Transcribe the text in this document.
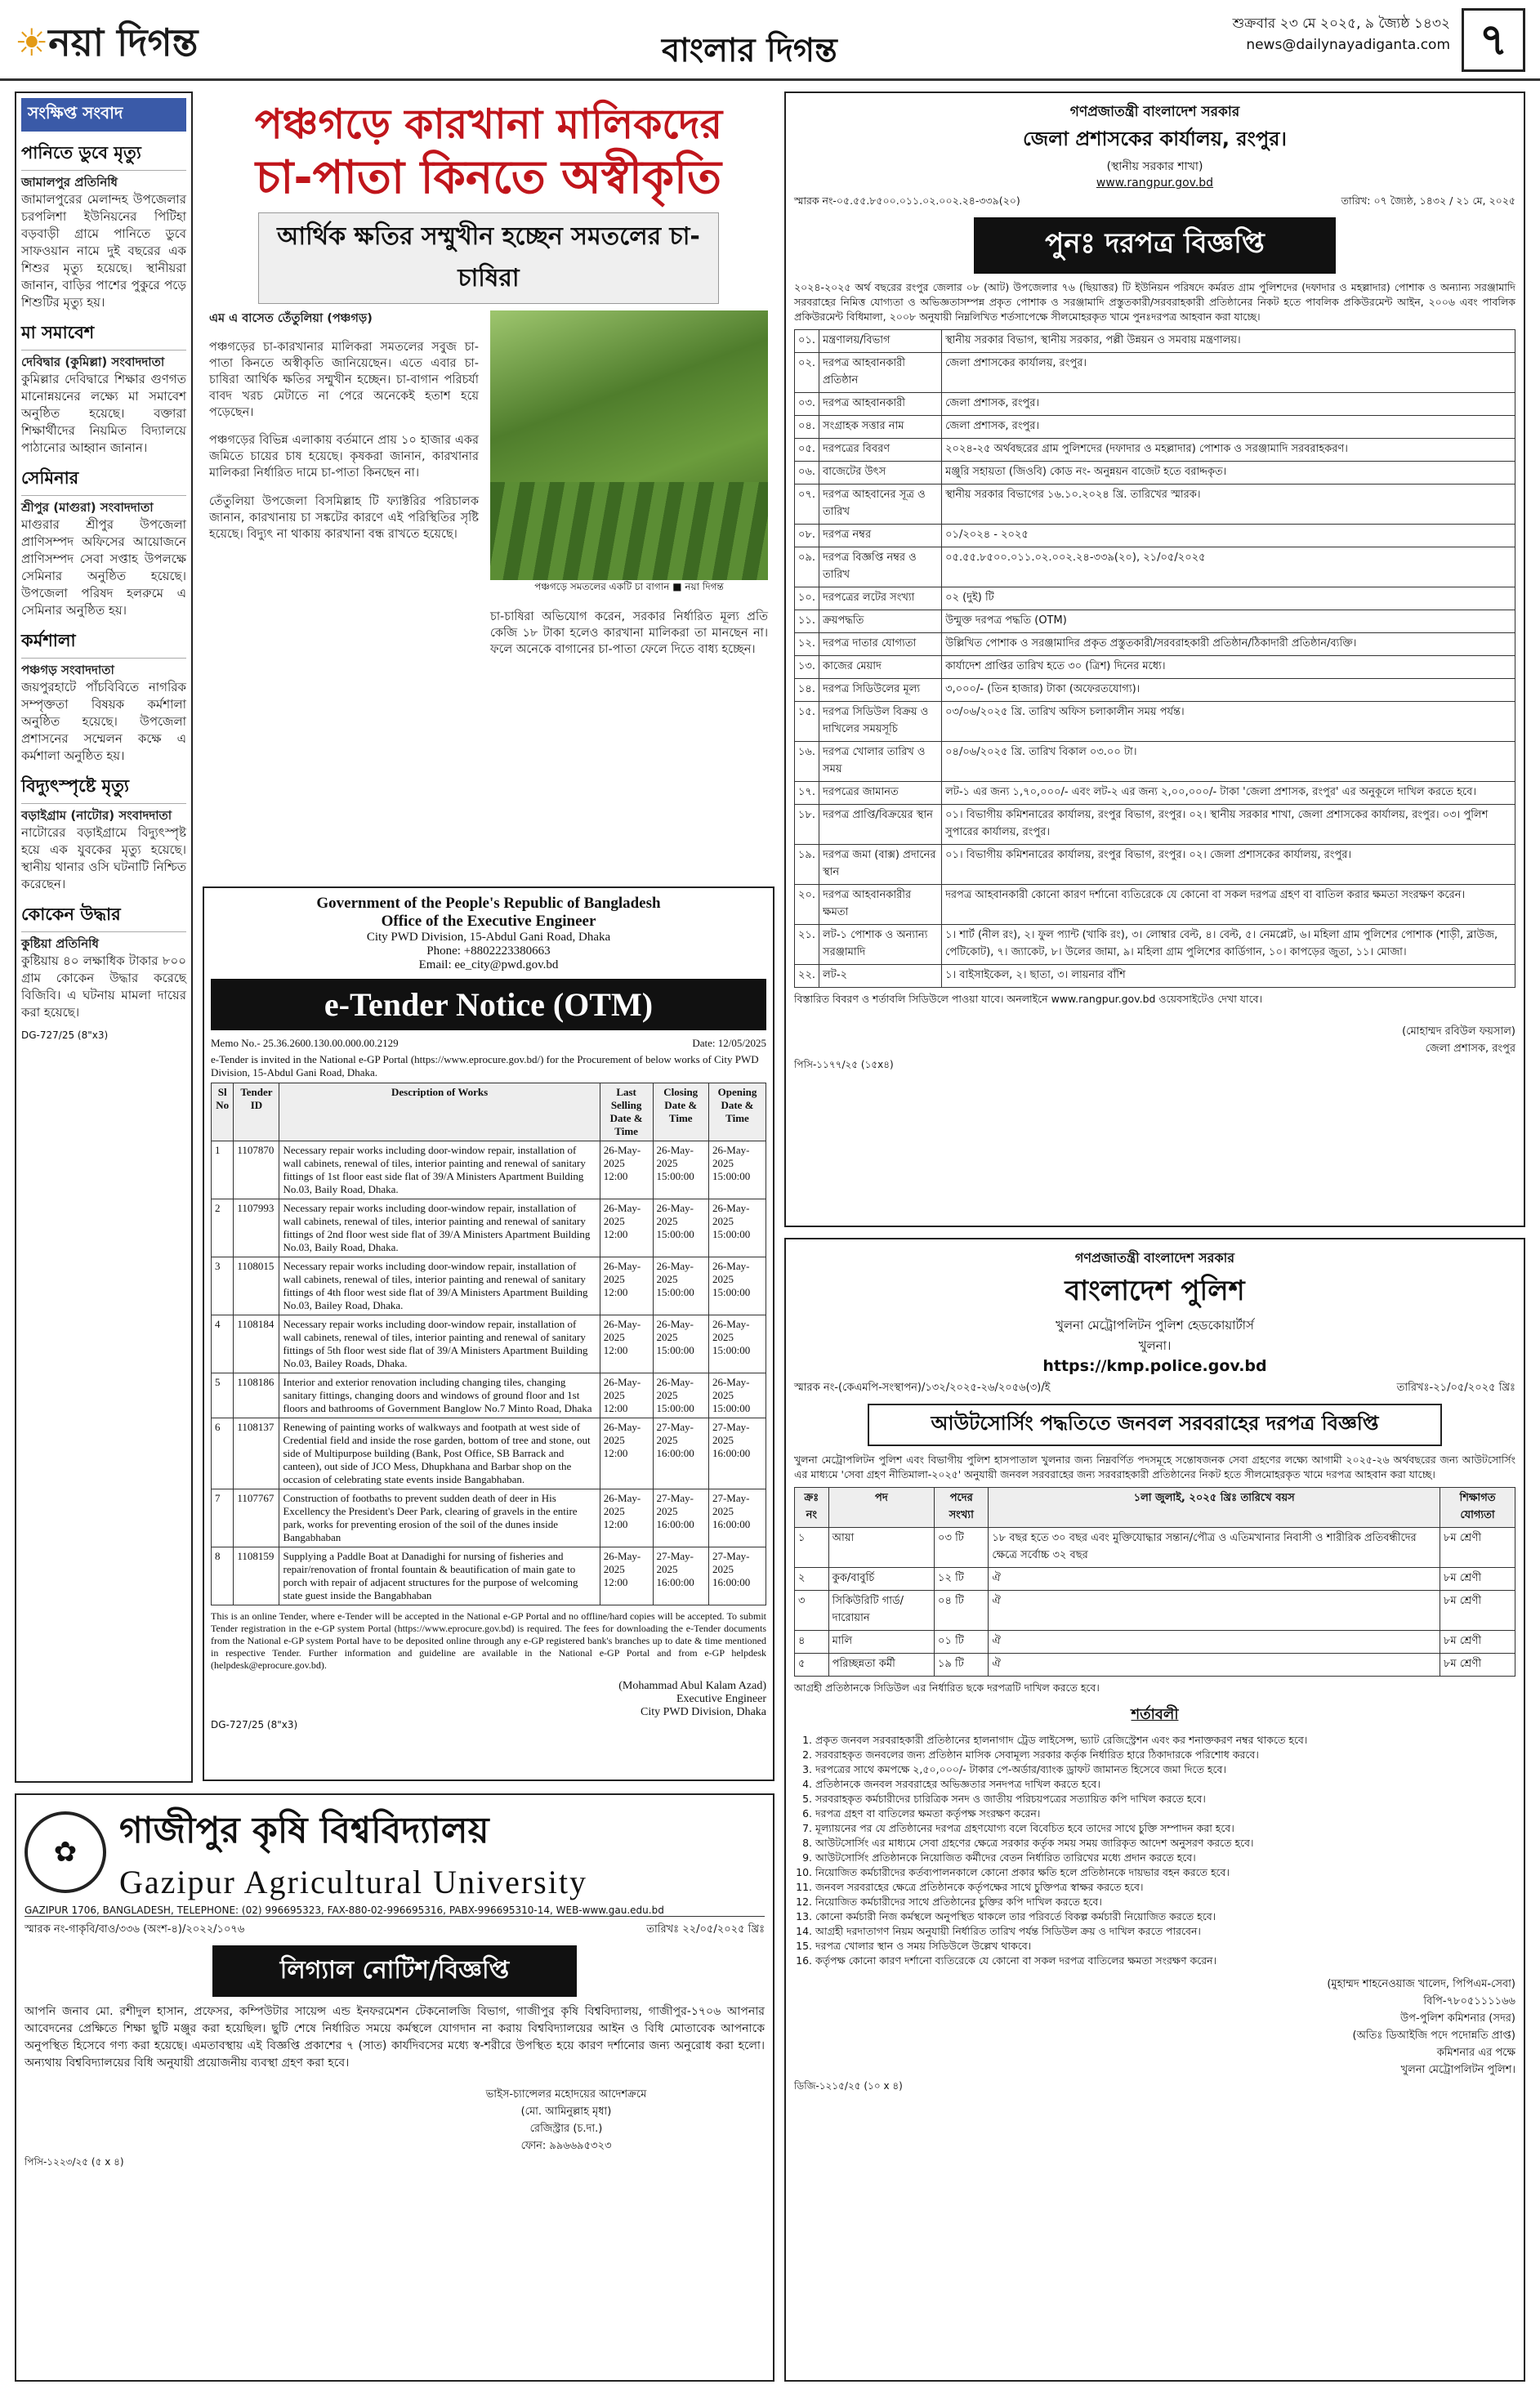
☀নয়া দিগন্ত	বাংলার দিগন্ত
শুক্রবার ২৩ মে ২০২৫, ৯ জ্যৈষ্ঠ ১৪৩২
news@dailynayadiganta.com ৭
সংক্ষিপ্ত সংবাদ
পানিতে ডুবে মৃত্যু
জামালপুর প্রতিনিধি

জামালপুরের মেলান্দহ উপজেলার চরপলিশা ইউনিয়নের পিটিহা বড়বাড়ী গ্রামে পানিতে ডুবে সাফওয়ান নামে দুই বছরের এক শিশুর মৃত্যু হয়েছে। স্থানীয়রা জানান, বাড়ির পাশের পুকুরে পড়ে শিশুটির মৃত্যু হয়।

মা সমাবেশ
দেবিদ্বার (কুমিল্লা) সংবাদদাতা

কুমিল্লার দেবিদ্বারে শিক্ষার গুণগত মানোন্নয়নের লক্ষ্যে মা সমাবেশ অনুষ্ঠিত হয়েছে। বক্তারা শিক্ষার্থীদের নিয়মিত বিদ্যালয়ে পাঠানোর আহ্বান জানান।

সেমিনার
শ্রীপুর (মাগুরা) সংবাদদাতা

মাগুরার শ্রীপুর উপজেলা প্রাণিসম্পদ অফিসের আয়োজনে প্রাণিসম্পদ সেবা সপ্তাহ উপলক্ষে সেমিনার অনুষ্ঠিত হয়েছে। উপজেলা পরিষদ হলরুমে এ সেমিনার অনুষ্ঠিত হয়।

কর্মশালা
পঞ্চগড় সংবাদদাতা

জয়পুরহাটে পাঁচবিবিতে নাগরিক সম্পৃক্ততা বিষয়ক কর্মশালা অনুষ্ঠিত হয়েছে। উপজেলা প্রশাসনের সম্মেলন কক্ষে এ কর্মশালা অনুষ্ঠিত হয়।

বিদ্যুৎস্পৃষ্টে মৃত্যু
বড়াইগ্রাম (নাটোর) সংবাদদাতা

নাটোরের বড়াইগ্রামে বিদ্যুৎস্পৃষ্ট হয়ে এক যুবকের মৃত্যু হয়েছে। স্থানীয় থানার ওসি ঘটনাটি নিশ্চিত করেছেন।

কোকেন উদ্ধার
কুষ্টিয়া প্রতিনিধি

কুষ্টিয়ায় ৪০ লক্ষাধিক টাকার ৮০০ গ্রাম কোকেন উদ্ধার করেছে বিজিবি। এ ঘটনায় মামলা দায়ের করা হয়েছে।

DG-727/25 (8"x3)
পঞ্চগড়ে কারখানা মালিকদের
চা-পাতা কিনতে অস্বীকৃতি
আর্থিক ক্ষতির সম্মুখীন হচ্ছেন সমতলের চা-চাষিরা
এম এ বাসেত তেঁতুলিয়া (পঞ্চগড়)

পঞ্চগড়ের চা-কারখানার মালিকরা সমতলের সবুজ চা-পাতা কিনতে অস্বীকৃতি জানিয়েছেন। এতে এবার চা-চাষিরা আর্থিক ক্ষতির সম্মুখীন হচ্ছেন। চা-বাগান পরিচর্যা বাবদ খরচ মেটাতে না পেরে অনেকেই হতাশ হয়ে পড়েছেন।

পঞ্চগড়ের বিভিন্ন এলাকায় বর্তমানে প্রায় ১০ হাজার একর জমিতে চায়ের চাষ হয়েছে। কৃষকরা জানান, কারখানার মালিকরা নির্ধারিত দামে চা-পাতা কিনছেন না।

তেঁতুলিয়া উপজেলা বিসমিল্লাহ টি ফ্যাক্টরির পরিচালক জানান, কারখানায় চা সঙ্কটের কারণে এই পরিস্থিতির সৃষ্টি হয়েছে। বিদ্যুৎ না থাকায় কারখানা বন্ধ রাখতে হয়েছে।

পঞ্চগড়ে সমতলের একটি চা বাগান ■ নয়া দিগন্ত

চা-চাষিরা অভিযোগ করেন, সরকার নির্ধারিত মূল্য প্রতি কেজি ১৮ টাকা হলেও কারখানা মালিকরা তা মানছেন না। ফলে অনেকে বাগানের চা-পাতা ফেলে দিতে বাধ্য হচ্ছেন।

Government of the People's Republic of Bangladesh
Office of the Executive Engineer
City PWD Division, 15-Abdul Gani Road, Dhaka
Phone: +8802223380663
Email: ee_city@pwd.gov.bd
e-Tender Notice (OTM)
Memo No.- 25.36.2600.130.00.000.00.2129	Date: 12/05/2025
e-Tender is invited in the National e-GP Portal (https://www.eprocure.gov.bd/) for the Procurement of below works of City PWD Division, 15-Abdul Gani Road, Dhaka.
Sl No	Tender ID	Description of Works	Last Selling Date & Time	Closing Date & Time	Opening Date & Time
1	1107870	Necessary repair works including door-window repair, installation of wall cabinets, renewal of tiles, interior painting and renewal of sanitary fittings of 1st floor east side flat of 39/A Ministers Apartment Building No.03, Baily Road, Dhaka.	26-May-2025 12:00	26-May-2025 15:00:00	26-May-2025 15:00:00
2	1107993	Necessary repair works including door-window repair, installation of wall cabinets, renewal of tiles, interior painting and renewal of sanitary fittings of 2nd floor west side flat of 39/A Ministers Apartment Building No.03, Baily Road, Dhaka.	26-May-2025 12:00	26-May-2025 15:00:00	26-May-2025 15:00:00
3	1108015	Necessary repair works including door-window repair, installation of wall cabinets, renewal of tiles, interior painting and renewal of sanitary fittings of 4th floor west side flat of 39/A Ministers Apartment Building No.03, Bailey Road, Dhaka.	26-May-2025 12:00	26-May-2025 15:00:00	26-May-2025 15:00:00
4	1108184	Necessary repair works including door-window repair, installation of wall cabinets, renewal of tiles, interior painting and renewal of sanitary fittings of 5th floor west side flat of 39/A Ministers Apartment Building No.03, Bailey Roads, Dhaka.	26-May-2025 12:00	26-May-2025 15:00:00	26-May-2025 15:00:00
5	1108186	Interior and exterior renovation including changing tiles, changing sanitary fittings, changing doors and windows of ground floor and 1st floors and bathrooms of Government Banglow No.7 Minto Road, Dhaka	26-May-2025 12:00	26-May-2025 15:00:00	26-May-2025 15:00:00
6	1108137	Renewing of painting works of walkways and footpath at west side of Credential field and inside the rose garden, bottom of tree and stone, out side of Multipurpose building (Bank, Post Office, SB Barrack and canteen), out side of JCO Mess, Dhupkhana and Barbar shop on the occasion of celebrating state events inside Bangabhaban.	26-May-2025 12:00	27-May-2025 16:00:00	27-May-2025 16:00:00
7	1107767	Construction of footbaths to prevent sudden death of deer in His Excellency the President's Deer Park, clearing of gravels in the entire park, works for preventing erosion of the soil of the dunes inside Bangabhaban	26-May-2025 12:00	27-May-2025 16:00:00	27-May-2025 16:00:00
8	1108159	Supplying a Paddle Boat at Danadighi for nursing of fisheries and repair/renovation of frontal fountain & beautification of main gate to porch with repair of adjacent structures for the purpose of welcoming state guest inside the Bangabhaban	26-May-2025 12:00	27-May-2025 16:00:00	27-May-2025 16:00:00
This is an online Tender, where e-Tender will be accepted in the National e-GP Portal and no offline/hard copies will be accepted. To submit Tender registration in the e-GP system Portal (https://www.eprocure.gov.bd) is required. The fees for downloading the e-Tender documents from the National e-GP system Portal have to be deposited online through any e-GP registered bank's branches up to date & time mentioned in respective Tender. Further information and guideline are available in the National e-GP Portal and from e-GP helpdesk (helpdesk@eprocure.gov.bd).
(Mohammad Abul Kalam Azad)
Executive Engineer
City PWD Division, Dhaka
DG-727/25 (8"x3)
গণপ্রজাতন্ত্রী বাংলাদেশ সরকার
জেলা প্রশাসকের কার্যালয়, রংপুর।
(স্থানীয় সরকার শাখা)
www.rangpur.gov.bd
স্মারক নং-০৫.৫৫.৮৫০০.০১১.০২.০০২.২৪-৩৩৯(২০)	তারিখ: ০৭ জ্যৈষ্ঠ, ১৪৩২ / ২১ মে, ২০২৫
পুনঃ দরপত্র বিজ্ঞপ্তি
২০২৪-২০২৫ অর্থ বছরের রংপুর জেলার ০৮ (আট) উপজেলার ৭৬ (ছিয়াত্তর) টি ইউনিয়ন পরিষদে কর্মরত গ্রাম পুলিশদের (দফাদার ও মহল্লাদার) পোশাক ও অন্যান্য সরঞ্জামাদি সরবরাহের নিমিত্ত যোগ্যতা ও অভিজ্ঞতাসম্পন্ন প্রকৃত পোশাক ও সরঞ্জামাদি প্রস্তুতকারী/সরবরাহকারী প্রতিষ্ঠানের নিকট হতে পাবলিক প্রকিউরমেন্ট আইন, ২০০৬ এবং পাবলিক প্রকিউরমেন্ট বিধিমালা, ২০০৮ অনুযায়ী নিম্নলিখিত শর্তসাপেক্ষে সীলমোহরকৃত খামে পুনঃদরপত্র আহবান করা যাচ্ছে।
০১.	মন্ত্রণালয়/বিভাগ	স্থানীয় সরকার বিভাগ, স্থানীয় সরকার, পল্লী উন্নয়ন ও সমবায় মন্ত্রণালয়।
০২.	দরপত্র আহবানকারী প্রতিষ্ঠান	জেলা প্রশাসকের কার্যালয়, রংপুর।
০৩.	দরপত্র আহবানকারী	জেলা প্রশাসক, রংপুর।
০৪.	সংগ্রাহক সত্তার নাম	জেলা প্রশাসক, রংপুর।
০৫.	দরপত্রের বিবরণ	২০২৪-২৫ অর্থবছরের গ্রাম পুলিশদের (দফাদার ও মহল্লাদার) পোশাক ও সরঞ্জামাদি সরবরাহকরণ।
০৬.	বাজেটের উৎস	মঞ্জুরি সহায়তা (জিওবি) কোড নং- অনুন্নয়ন বাজেট হতে বরাদ্দকৃত।
০৭.	দরপত্র আহবানের সূত্র ও তারিখ	স্থানীয় সরকার বিভাগের ১৬.১০.২০২৪ খ্রি. তারিখের স্মারক।
০৮.	দরপত্র নম্বর	০১/২০২৪ - ২০২৫
০৯.	দরপত্র বিজ্ঞপ্তি নম্বর ও তারিখ	০৫.৫৫.৮৫০০.০১১.০২.০০২.২৪-৩৩৯(২০), ২১/০৫/২০২৫
১০.	দরপত্রের লটের সংখ্যা	০২ (দুই) টি
১১.	ক্রয়পদ্ধতি	উন্মুক্ত দরপত্র পদ্ধতি (OTM)
১২.	দরপত্র দাতার যোগ্যতা	উল্লিখিত পোশাক ও সরঞ্জামাদির প্রকৃত প্রস্তুতকারী/সরবরাহকারী প্রতিষ্ঠান/ঠিকাদারী প্রতিষ্ঠান/ব্যক্তি।
১৩.	কাজের মেয়াদ	কার্যাদেশ প্রাপ্তির তারিখ হতে ৩০ (ত্রিশ) দিনের মধ্যে।
১৪.	দরপত্র সিডিউলের মূল্য	৩,০০০/- (তিন হাজার) টাকা (অফেরতযোগ্য)।
১৫.	দরপত্র সিডিউল বিক্রয় ও দাখিলের সময়সূচি	০৩/০৬/২০২৫ খ্রি. তারিখ অফিস চলাকালীন সময় পর্যন্ত।
১৬.	দরপত্র খোলার তারিখ ও সময়	০৪/০৬/২০২৫ খ্রি. তারিখ বিকাল ০৩.০০ টা।
১৭.	দরপত্রের জামানত	লট-১ এর জন্য ১,৭০,০০০/- এবং লট-২ এর জন্য ২,০০,০০০/- টাকা 'জেলা প্রশাসক, রংপুর' এর অনুকূলে দাখিল করতে হবে।
১৮.	দরপত্র প্রাপ্তি/বিক্রয়ের স্থান	০১। বিভাগীয় কমিশনারের কার্যালয়, রংপুর বিভাগ, রংপুর। ০২। স্থানীয় সরকার শাখা, জেলা প্রশাসকের কার্যালয়, রংপুর। ০৩। পুলিশ সুপারের কার্যালয়, রংপুর।
১৯.	দরপত্র জমা (বাক্স) প্রদানের স্থান	০১। বিভাগীয় কমিশনারের কার্যালয়, রংপুর বিভাগ, রংপুর। ০২। জেলা প্রশাসকের কার্যালয়, রংপুর।
২০.	দরপত্র আহবানকারীর ক্ষমতা	দরপত্র আহবানকারী কোনো কারণ দর্শানো ব্যতিরেকে যে কোনো বা সকল দরপত্র গ্রহণ বা বাতিল করার ক্ষমতা সংরক্ষণ করেন।
২১.	লট-১ পোশাক ও অন্যান্য সরঞ্জামাদি	১। শার্ট (নীল রং), ২। ফুল প্যান্ট (খাকি রং), ৩। লোম্বার বেল্ট, ৪। বেল্ট, ৫। নেমপ্লেট, ৬। মহিলা গ্রাম পুলিশের পোশাক (শাড়ী, ব্লাউজ, পেটিকোট), ৭। জ্যাকেট, ৮। উলের জামা, ৯। মহিলা গ্রাম পুলিশের কার্ডিগান, ১০। কাপড়ের জুতা, ১১। মোজা।
২২.	লট-২	১। বাইসাইকেল, ২। ছাতা, ৩। লায়নার বাঁশি
বিস্তারিত বিবরণ ও শর্তাবলি সিডিউলে পাওয়া যাবে। অনলাইনে www.rangpur.gov.bd ওয়েবসাইটেও দেখা যাবে।
(মোহাম্মদ রবিউল ফয়সাল)
জেলা প্রশাসক, রংপুর
পিসি-১১৭৭/২৫ (১৫x৪)
গণপ্রজাতন্ত্রী বাংলাদেশ সরকার
বাংলাদেশ পুলিশ
খুলনা মেট্রোপলিটন পুলিশ হেডকোয়ার্টার্স
খুলনা।
https://kmp.police.gov.bd
স্মারক নং-(কেএমপি-সংস্থাপন)/১৩২/২০২৫-২৬/২০৫৬(৩)/ই	তারিখঃ-২১/০৫/২০২৫ খ্রিঃ
আউটসোর্সিং পদ্ধতিতে জনবল সরবরাহের দরপত্র বিজ্ঞপ্তি
খুলনা মেট্রোপলিটন পুলিশ এবং বিভাগীয় পুলিশ হাসপাতাল খুলনার জন্য নিম্নবর্ণিত পদসমূহে সন্তোষজনক সেবা গ্রহণের লক্ষ্যে আগামী ২০২৫-২৬ অর্থবছরের জন্য আউটসোর্সিং এর মাধ্যমে 'সেবা গ্রহণ নীতিমালা-২০২৫' অনুযায়ী জনবল সরবরাহের জন্য সরবরাহকারী প্রতিষ্ঠানের নিকট হতে সীলমোহরকৃত খামে দরপত্র আহবান করা যাচ্ছে।
ক্রঃ নং	পদ	পদের সংখ্যা	১লা জুলাই, ২০২৫ খ্রিঃ তারিখে বয়স	শিক্ষাগত যোগ্যতা
১	আয়া	০৩ টি	১৮ বছর হতে ৩০ বছর এবং মুক্তিযোদ্ধার সন্তান/পৌত্র ও এতিমখানার নিবাসী ও শারীরিক প্রতিবন্ধীদের ক্ষেত্রে সর্বোচ্চ ৩২ বছর	৮ম শ্রেণী
২	কুক/বাবুর্চি	১২ টি	ঐ	৮ম শ্রেণী
৩	সিকিউরিটি গার্ড/দারোয়ান	০৪ টি	ঐ	৮ম শ্রেণী
৪	মালি	০১ টি	ঐ	৮ম শ্রেণী
৫	পরিচ্ছন্নতা কর্মী	১৯ টি	ঐ	৮ম শ্রেণী
আগ্রহী প্রতিষ্ঠানকে সিডিউল এর নির্ধারিত ছকে দরপত্রটি দাখিল করতে হবে।
শর্তাবলী
1. প্রকৃত জনবল সরবরাহকারী প্রতিষ্ঠানের হালনাগাদ ট্রেড লাইসেন্স, ভ্যাট রেজিস্ট্রেশন এবং কর শনাক্তকরণ নম্বর থাকতে হবে।
2. সরবরাহকৃত জনবলের জন্য প্রতিষ্ঠান মাসিক সেবামূল্য সরকার কর্তৃক নির্ধারিত হারে ঠিকাদারকে পরিশোধ করবে।
3. দরপত্রের সাথে কমপক্ষে ২,৫০,০০০/- টাকার পে-অর্ডার/ব্যাংক ড্রাফট জামানত হিসেবে জমা দিতে হবে।
4. প্রতিষ্ঠানকে জনবল সরবরাহের অভিজ্ঞতার সনদপত্র দাখিল করতে হবে।
5. সরবরাহকৃত কর্মচারীদের চারিত্রিক সনদ ও জাতীয় পরিচয়পত্রের সত্যায়িত কপি দাখিল করতে হবে।
6. দরপত্র গ্রহণ বা বাতিলের ক্ষমতা কর্তৃপক্ষ সংরক্ষণ করেন।
7. মূল্যায়নের পর যে প্রতিষ্ঠানের দরপত্র গ্রহণযোগ্য বলে বিবেচিত হবে তাদের সাথে চুক্তি সম্পাদন করা হবে।
8. আউটসোর্সিং এর মাধ্যমে সেবা গ্রহণের ক্ষেত্রে সরকার কর্তৃক সময় সময় জারিকৃত আদেশ অনুসরণ করতে হবে।
9. আউটসোর্সিং প্রতিষ্ঠানকে নিয়োজিত কর্মীদের বেতন নির্ধারিত তারিখের মধ্যে প্রদান করতে হবে।
10. নিয়োজিত কর্মচারীদের কর্তব্যপালনকালে কোনো প্রকার ক্ষতি হলে প্রতিষ্ঠানকে দায়ভার বহন করতে হবে।
11. জনবল সরবরাহের ক্ষেত্রে প্রতিষ্ঠানকে কর্তৃপক্ষের সাথে চুক্তিপত্র স্বাক্ষর করতে হবে।
12. নিয়োজিত কর্মচারীদের সাথে প্রতিষ্ঠানের চুক্তির কপি দাখিল করতে হবে।
13. কোনো কর্মচারী নিজ কর্মস্থলে অনুপস্থিত থাকলে তার পরিবর্তে বিকল্প কর্মচারী নিয়োজিত করতে হবে।
14. আগ্রহী দরদাতাগণ নিয়ম অনুযায়ী নির্ধারিত তারিখ পর্যন্ত সিডিউল ক্রয় ও দাখিল করতে পারবেন।
15. দরপত্র খোলার স্থান ও সময় সিডিউলে উল্লেখ থাকবে।
16. কর্তৃপক্ষ কোনো কারণ দর্শানো ব্যতিরেকে যে কোনো বা সকল দরপত্র বাতিলের ক্ষমতা সংরক্ষণ করেন।
(মুহাম্মদ শাহনেওয়াজ খালেদ, পিপিএম-সেবা)
বিপি-৭৮০৫১১১১৬৬
উপ-পুলিশ কমিশনার (সদর)
(অতিঃ ডিআইজি পদে পদোন্নতি প্রাপ্ত)
কমিশনার এর পক্ষে
খুলনা মেট্রোপলিটন পুলিশ।
ডিজি-১২১৫/২৫ (১০ x ৪)
✿
গাজীপুর কৃষি বিশ্ববিদ্যালয়
Gazipur Agricultural University
GAZIPUR 1706, BANGLADESH, TELEPHONE: (02) 996695323, FAX-880-02-996695316, PABX-996695310-14, WEB-www.gau.edu.bd
স্মারক নং-গাকৃবি/বাও/৩৩৬ (অংশ-৪)/২০২২/১০৭৬	তারিখঃ ২২/০৫/২০২৫ খ্রিঃ
লিগ্যাল নোটিশ/বিজ্ঞপ্তি
আপনি জনাব মো. রশীদুল হাসান, প্রফেসর, কম্পিউটার সায়েন্স এন্ড ইনফরমেশন টেকনোলজি বিভাগ, গাজীপুর কৃষি বিশ্ববিদ্যালয়, গাজীপুর-১৭০৬ আপনার আবেদনের প্রেক্ষিতে শিক্ষা ছুটি মঞ্জুর করা হয়েছিল। ছুটি শেষে নির্ধারিত সময়ে কর্মস্থলে যোগদান না করায় বিশ্ববিদ্যালয়ের আইন ও বিধি মোতাবেক আপনাকে অনুপস্থিত হিসেবে গণ্য করা হয়েছে। এমতাবস্থায় এই বিজ্ঞপ্তি প্রকাশের ৭ (সাত) কার্যদিবসের মধ্যে স্ব-শরীরে উপস্থিত হয়ে কারণ দর্শানোর জন্য অনুরোধ করা হলো। অন্যথায় বিশ্ববিদ্যালয়ের বিধি অনুযায়ী প্রয়োজনীয় ব্যবস্থা গ্রহণ করা হবে।
ভাইস-চ্যান্সেলর মহোদয়ের আদেশক্রমে
(মো. আমিনুল্লাহ মৃধা)
রেজিস্ট্রার (চ.দা.)
ফোন: ৯৯৬৬৯৫৩২৩
পিসি-১২২৩/২৫ (৫ x ৪)
